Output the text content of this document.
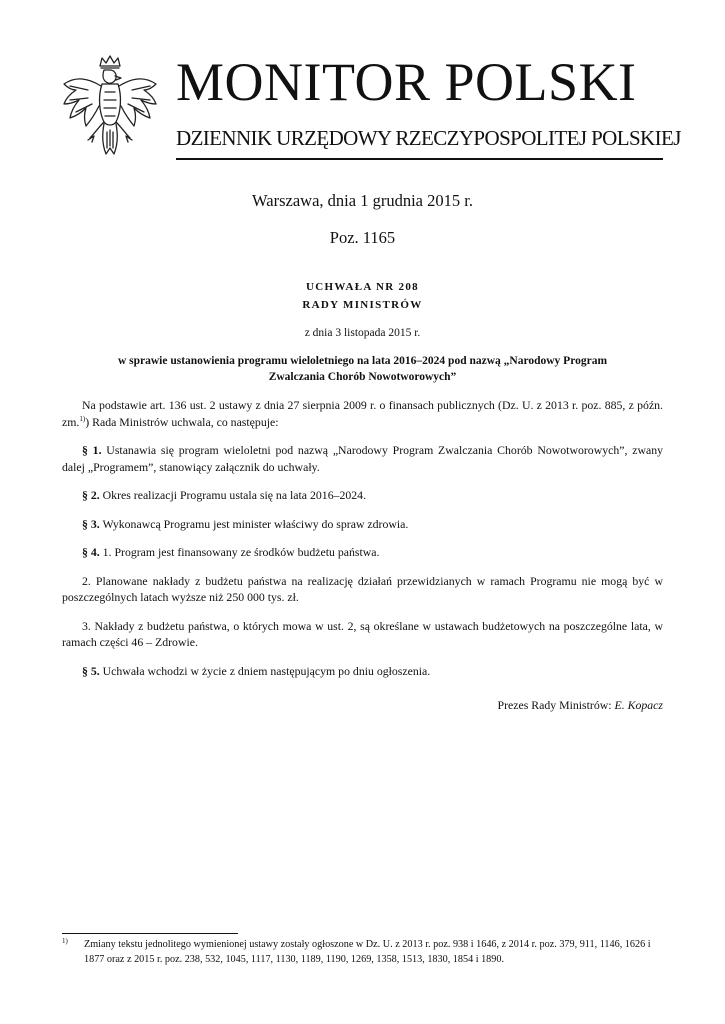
MONITOR POLSKI
DZIENNIK URZĘDOWY RZECZYPOSPOLITEJ POLSKIEJ
Warszawa, dnia 1 grudnia 2015 r.
Poz. 1165
UCHWAŁA NR 208
RADY MINISTRÓW
z dnia 3 listopada 2015 r.
w sprawie ustanowienia programu wieloletniego na lata 2016–2024 pod nazwą „Narodowy Program
Zwalczania Chorób Nowotworowych”

Na podstawie art. 136 ust. 2 ustawy z dnia 27 sierpnia 2009 r. o finansach publicznych (Dz. U. z 2013 r. poz. 885, z późn. zm.$^{1)}$) Rada Ministrów uchwala, co następuje:

§ 1. Ustanawia się program wieloletni pod nazwą „Narodowy Program Zwalczania Chorób Nowotworowych”, zwany dalej „Programem”, stanowiący załącznik do uchwały.

§ 2. Okres realizacji Programu ustala się na lata 2016–2024.

§ 3. Wykonawcą Programu jest minister właściwy do spraw zdrowia.

§ 4. 1. Program jest finansowany ze środków budżetu państwa.

2. Planowane nakłady z budżetu państwa na realizację działań przewidzianych w ramach Programu nie mogą być w poszczególnych latach wyższe niż 250 000 tys. zł.

3. Nakłady z budżetu państwa, o których mowa w ust. 2, są określane w ustawach budżetowych na poszczególne lata, w ramach części 46 – Zdrowie.

§ 5. Uchwała wchodzi w życie z dniem następującym po dniu ogłoszenia.

Prezes Rady Ministrów: E. Kopacz
1) Zmiany tekstu jednolitego wymienionej ustawy zostały ogłoszone w Dz. U. z 2013 r. poz. 938 i 1646, z 2014 r. poz. 379, 911, 1146, 1626 i 1877 oraz z 2015 r. poz. 238, 532, 1045, 1117, 1130, 1189, 1190, 1269, 1358, 1513, 1830, 1854 i 1890.
